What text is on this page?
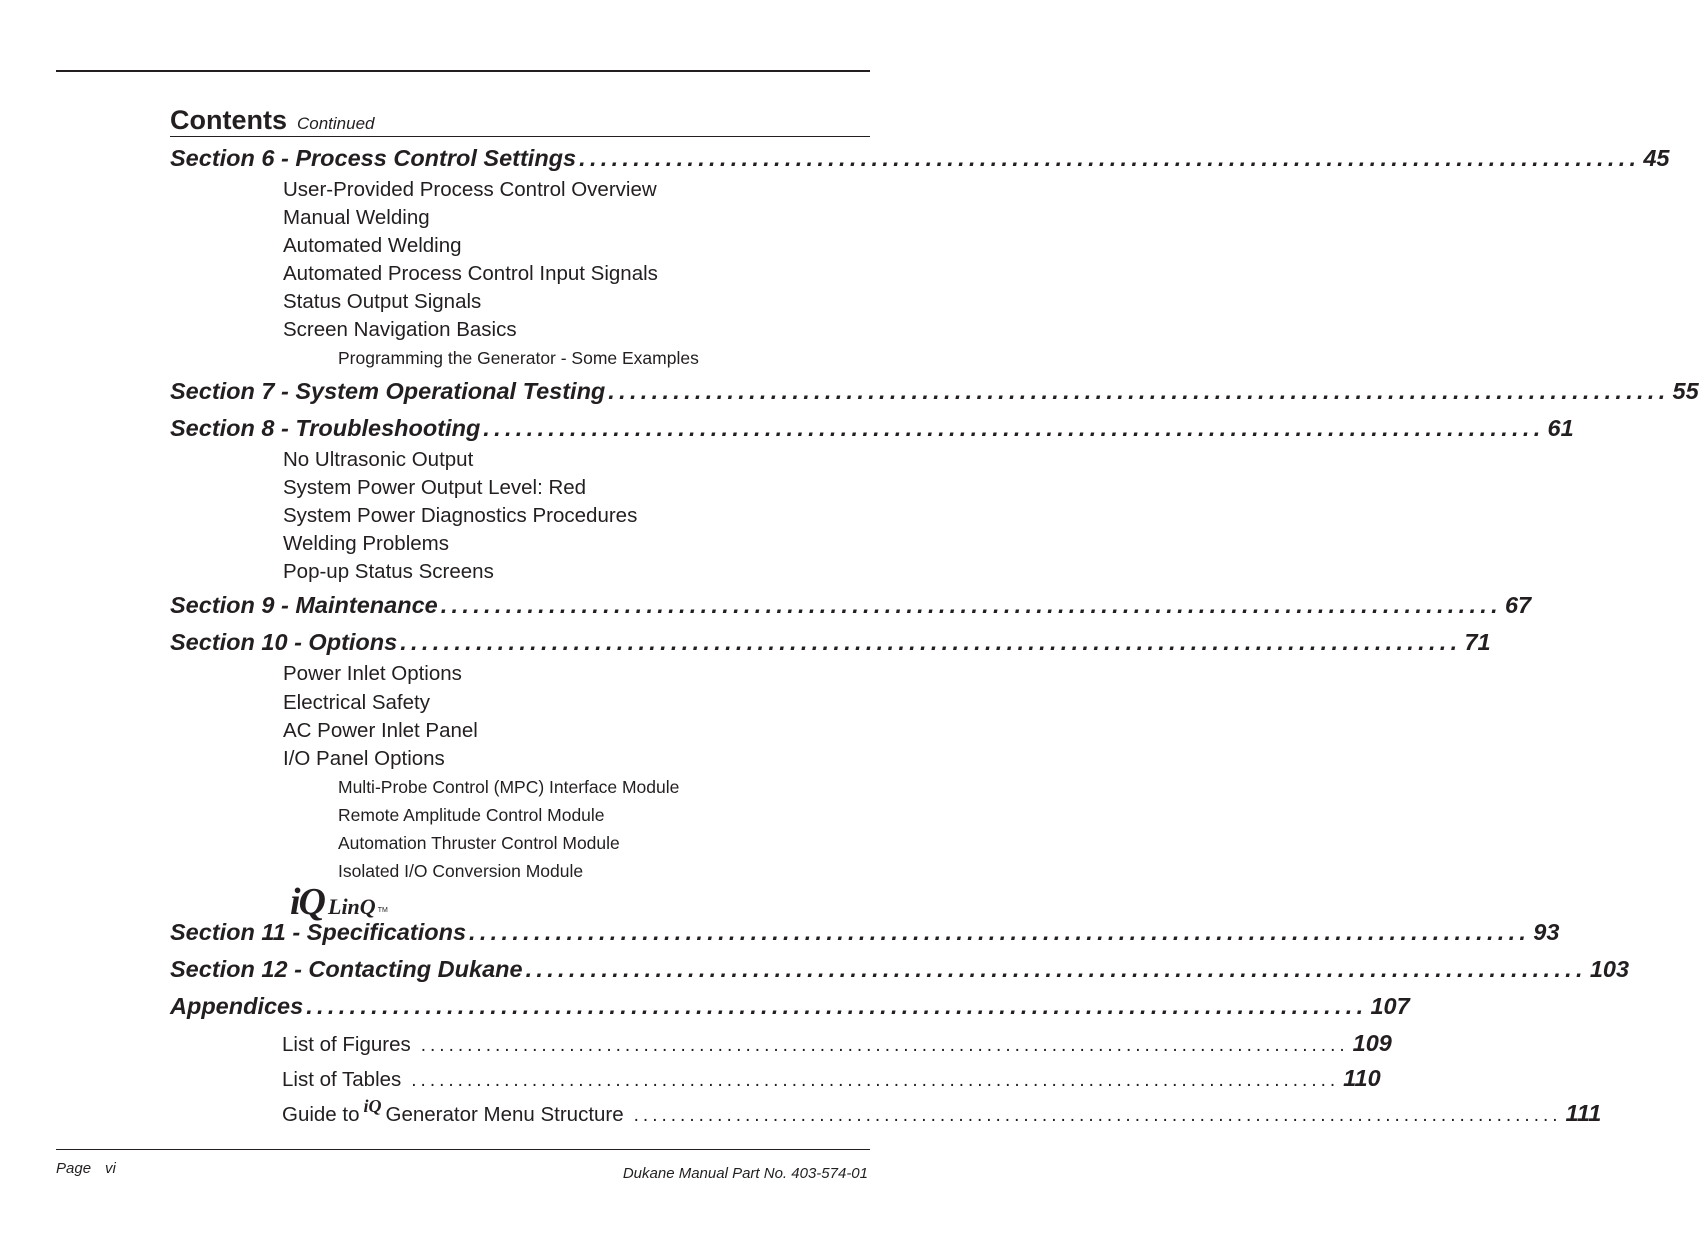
Contents Continued
Section 6 - Process Control Settings .................................................................................................. 45
User-Provided Process Control Overview
Manual Welding
Automated Welding
Automated Process Control Input Signals
Status Output Signals
Screen Navigation Basics
Programming the Generator - Some Examples
Section 7 - System Operational Testing .................................................................................................. 55
Section 8 - Troubleshooting .................................................................................................. 61
No Ultrasonic Output
System Power Output Level: Red
System Power Diagnostics Procedures
Welding Problems
Pop-up Status Screens
Section 9 - Maintenance .................................................................................................. 67
Section 10 - Options .................................................................................................. 71
Power Inlet Options
Electrical Safety
AC Power Inlet Panel
I/O Panel Options
Multi-Probe Control (MPC) Interface Module
Remote Amplitude Control Module
Automation Thruster Control Module
Isolated I/O Conversion Module
iQ LinQ TM
Section 11 - Specifications .................................................................................................. 93
Section 12 - Contacting Dukane .................................................................................................. 103
Appendices .................................................................................................. 107
List of Figures .................................................................................................... 109
List of Tables .................................................................................................... 110
Guide to iQ Generator Menu Structure .................................................................................................... 111
Page vi	Dukane Manual Part No. 403-574-01
